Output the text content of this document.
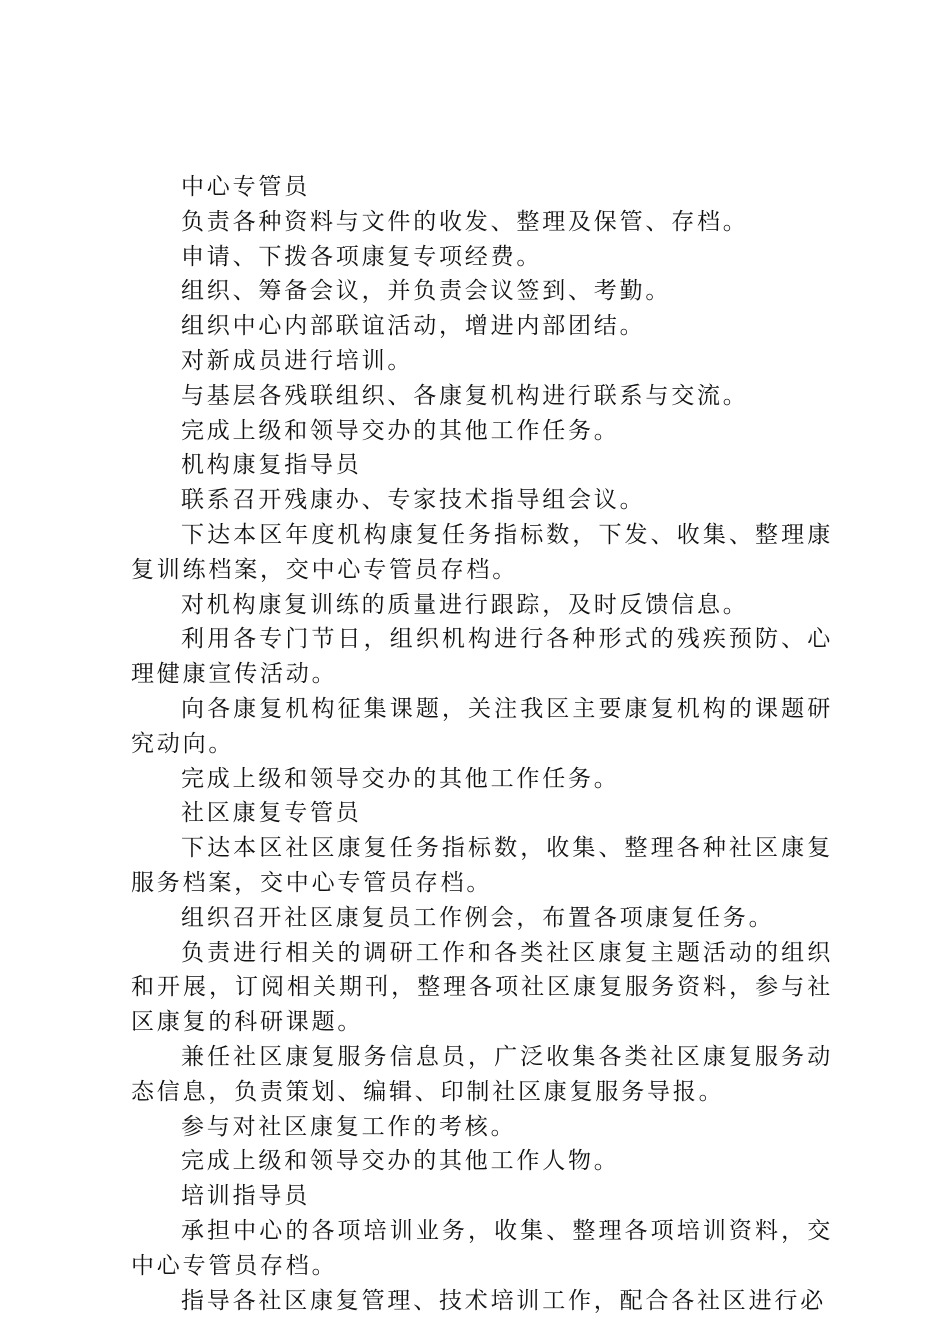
中心专管员

负责各种资料与文件的收发、整理及保管、存档。

申请、下拨各项康复专项经费。

组织、筹备会议，并负责会议签到、考勤。

组织中心内部联谊活动，增进内部团结。

对新成员进行培训。

与基层各残联组织、各康复机构进行联系与交流。

完成上级和领导交办的其他工作任务。

机构康复指导员

联系召开残康办、专家技术指导组会议。

下达本区年度机构康复任务指标数，下发、收集、整理康复训练档案，交中心专管员存档。

对机构康复训练的质量进行跟踪，及时反馈信息。

利用各专门节日，组织机构进行各种形式的残疾预防、心理健康宣传活动。

向各康复机构征集课题，关注我区主要康复机构的课题研究动向。

完成上级和领导交办的其他工作任务。

社区康复专管员

下达本区社区康复任务指标数，收集、整理各种社区康复服务档案，交中心专管员存档。

组织召开社区康复员工作例会，布置各项康复任务。

负责进行相关的调研工作和各类社区康复主题活动的组织和开展，订阅相关期刊，整理各项社区康复服务资料，参与社区康复的科研课题。

兼任社区康复服务信息员，广泛收集各类社区康复服务动态信息，负责策划、编辑、印制社区康复服务导报。

参与对社区康复工作的考核。

完成上级和领导交办的其他工作人物。

培训指导员

承担中心的各项培训业务，收集、整理各项培训资料，交中心专管员存档。

指导各社区康复管理、技术培训工作，配合各社区进行必
